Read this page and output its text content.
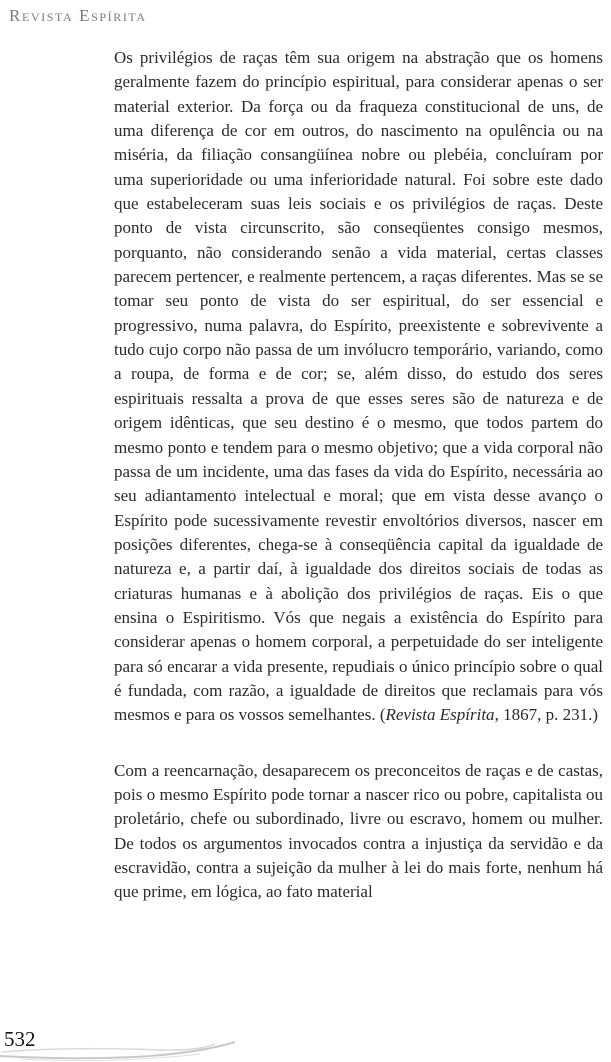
Revista Espírita

Os privilégios de raças têm sua origem na abstração que os homens geralmente fazem do princípio espiritual, para considerar apenas o ser material exterior. Da força ou da fraqueza constitucional de uns, de uma diferença de cor em outros, do nascimento na opulência ou na miséria, da filiação consangüínea nobre ou plebéia, concluíram por uma superioridade ou uma inferioridade natural. Foi sobre este dado que estabeleceram suas leis sociais e os privilégios de raças. Deste ponto de vista circunscrito, são conseqüentes consigo mesmos, porquanto, não considerando senão a vida material, certas classes parecem pertencer, e realmente pertencem, a raças diferentes. Mas se se tomar seu ponto de vista do ser espiritual, do ser essencial e progressivo, numa palavra, do Espírito, preexistente e sobrevivente a tudo cujo corpo não passa de um invólucro temporário, variando, como a roupa, de forma e de cor; se, além disso, do estudo dos seres espirituais ressalta a prova de que esses seres são de natureza e de origem idênticas, que seu destino é o mesmo, que todos partem do mesmo ponto e tendem para o mesmo objetivo; que a vida corporal não passa de um incidente, uma das fases da vida do Espírito, necessária ao seu adiantamento intelectual e moral; que em vista desse avanço o Espírito pode sucessivamente revestir envoltórios diversos, nascer em posições diferentes, chega-se à conseqüência capital da igualdade de natureza e, a partir daí, à igualdade dos direitos sociais de todas as criaturas humanas e à abolição dos privilégios de raças. Eis o que ensina o Espiritismo. Vós que negais a existência do Espírito para considerar apenas o homem corporal, a perpetuidade do ser inteligente para só encarar a vida presente, repudiais o único princípio sobre o qual é fundada, com razão, a igualdade de direitos que reclamais para vós mesmos e para os vossos semelhantes. (Revista Espírita, 1867, p. 231.)

Com a reencarnação, desaparecem os preconceitos de raças e de castas, pois o mesmo Espírito pode tornar a nascer rico ou pobre, capitalista ou proletário, chefe ou subordinado, livre ou escravo, homem ou mulher. De todos os argumentos invocados contra a injustiça da servidão e da escravidão, contra a sujeição da mulher à lei do mais forte, nenhum há que prime, em lógica, ao fato material

532
